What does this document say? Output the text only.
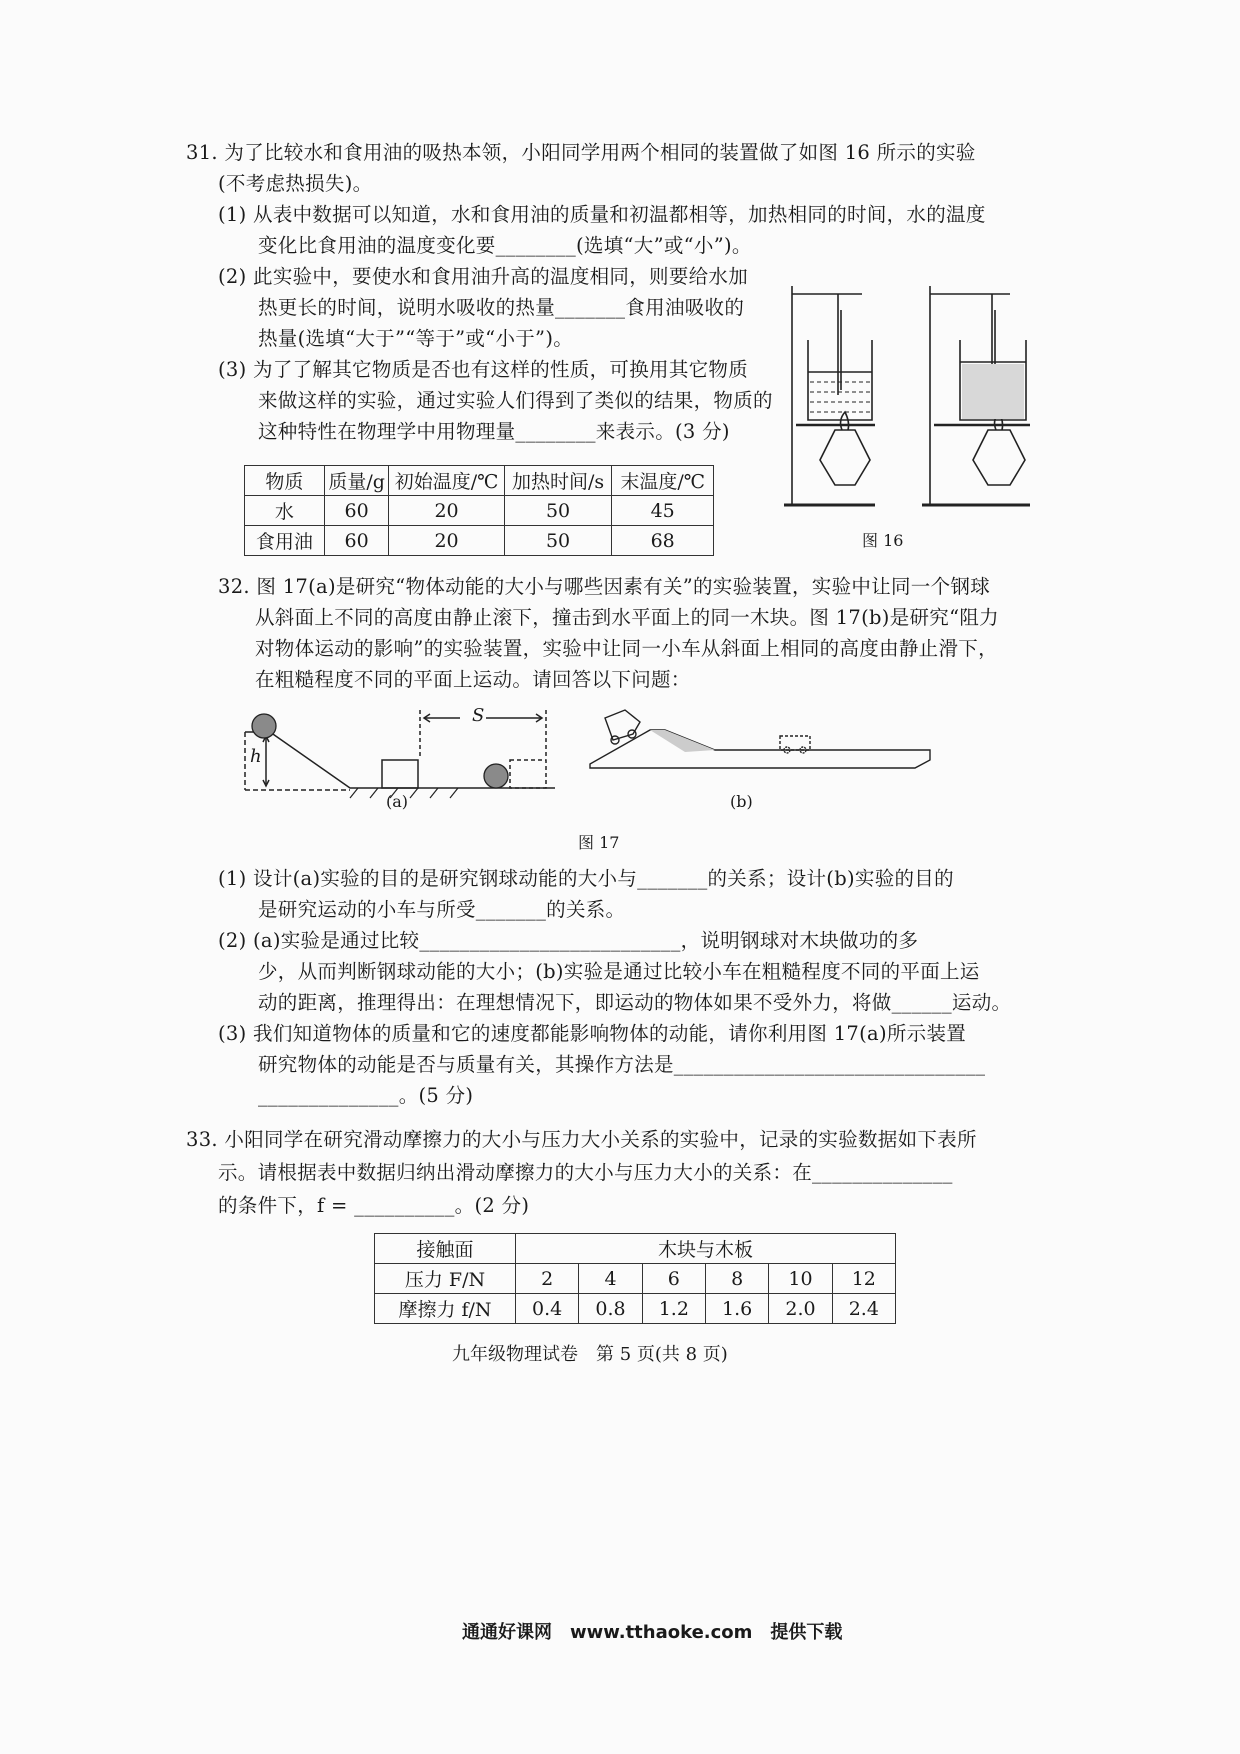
31. 为了比较水和食用油的吸热本领，小阳同学用两个相同的装置做了如图 16 所示的实验
(不考虑热损失)。
(1) 从表中数据可以知道，水和食用油的质量和初温都相等，加热相同的时间，水的温度
变化比食用油的温度变化要________(选填“大”或“小”)。
(2) 此实验中，要使水和食用油升高的温度相同，则要给水加
热更长的时间，说明水吸收的热量_______食用油吸收的
热量(选填“大于”“等于”或“小于”)。
(3) 为了了解其它物质是否也有这样的性质，可换用其它物质
来做这样的实验，通过实验人们得到了类似的结果，物质的
这种特性在物理学中用物理量________来表示。(3 分)
物质	质量/g	初始温度/℃	加热时间/s	末温度/℃
水	60	20	50	45
食用油	60	20	50	68	图 16
32. 图 17(a)是研究“物体动能的大小与哪些因素有关”的实验装置，实验中让同一个钢球
从斜面上不同的高度由静止滚下，撞击到水平面上的同一木块。图 17(b)是研究“阻力
对物体运动的影响”的实验装置，实验中让同一小车从斜面上相同的高度由静止滑下，
在粗糙程度不同的平面上运动。请回答以下问题：
h
S
(a)	(b)
图 17
(1) 设计(a)实验的目的是研究钢球动能的大小与_______的关系；设计(b)实验的目的
是研究运动的小车与所受_______的关系。
(2) (a)实验是通过比较__________________________，说明钢球对木块做功的多
少，从而判断钢球动能的大小；(b)实验是通过比较小车在粗糙程度不同的平面上运
动的距离，推理得出：在理想情况下，即运动的物体如果不受外力，将做______运动。
(3) 我们知道物体的质量和它的速度都能影响物体的动能，请你利用图 17(a)所示装置
研究物体的动能是否与质量有关，其操作方法是_______________________________
______________。(5 分)
33. 小阳同学在研究滑动摩擦力的大小与压力大小关系的实验中，记录的实验数据如下表所
示。请根据表中数据归纳出滑动摩擦力的大小与压力大小的关系：在______________
的条件下，f = __________。(2 分)
接触面	木块与木板					
压力 F/N	2	4	6	8	10	12
摩擦力 f/N	0.4	0.8	1.2	1.6	2.0	2.4
九年级物理试卷　第 5 页(共 8 页)
通通好课网　www.tthaoke.com　提供下载
